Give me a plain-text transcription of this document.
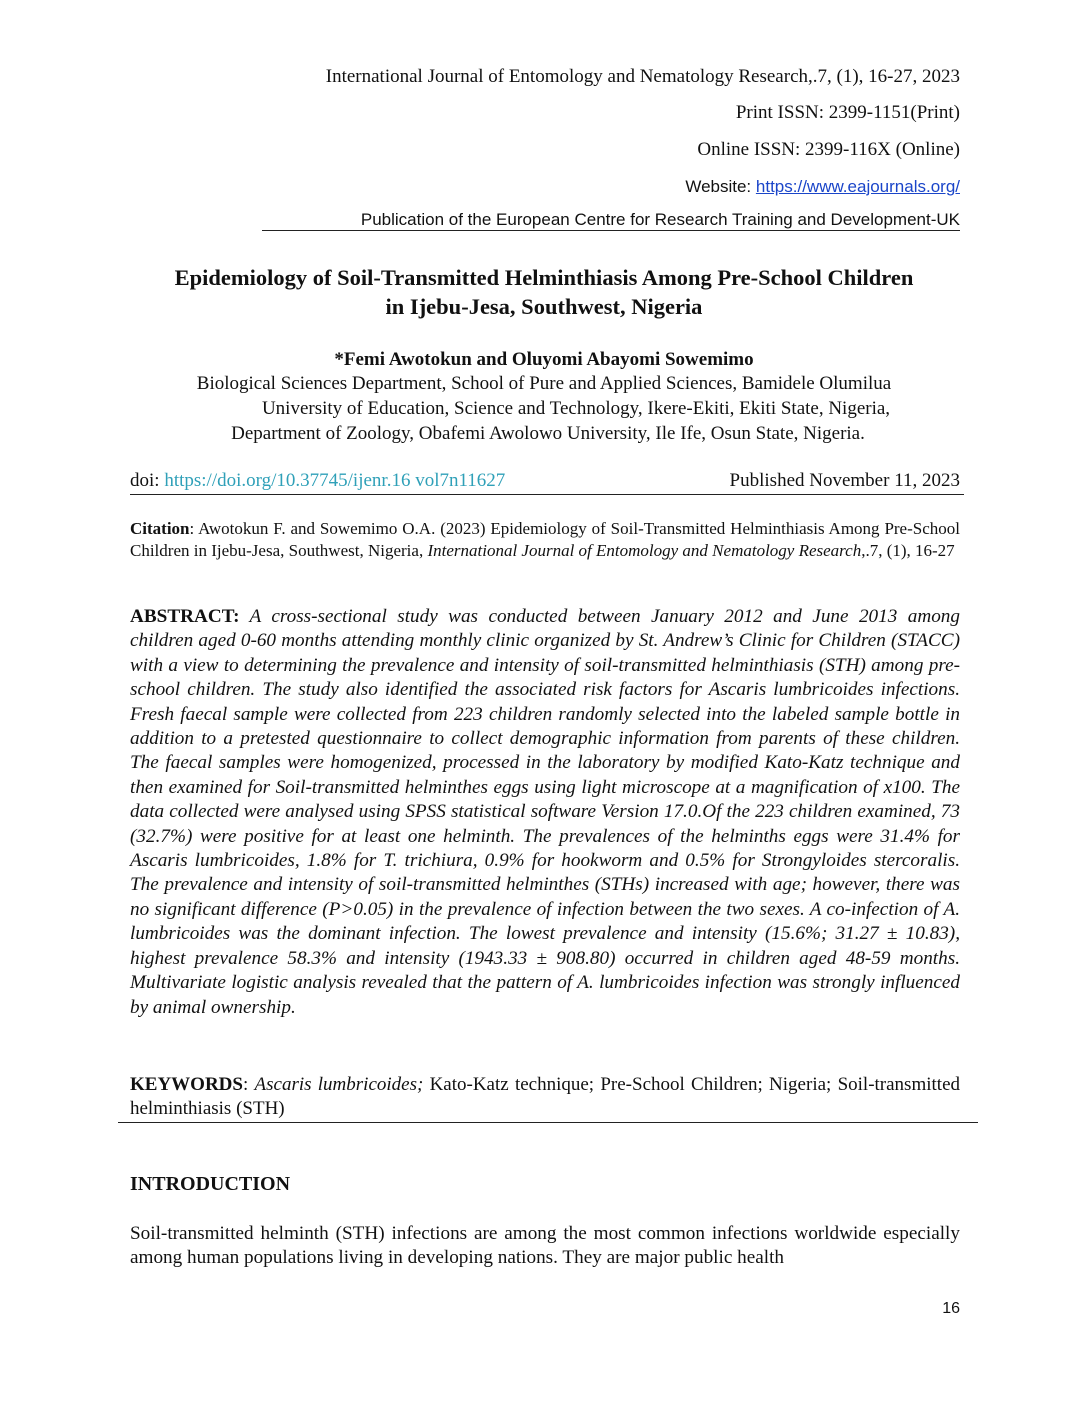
International Journal of Entomology and Nematology Research,.7, (1), 16-27, 2023
Print ISSN: 2399-1151(Print)
Online ISSN: 2399-116X (Online)
Website: https://www.eajournals.org/
Publication of the European Centre for Research Training and Development-UK
Epidemiology of Soil-Transmitted Helminthiasis Among Pre-School Children
in Ijebu-Jesa, Southwest, Nigeria
*Femi Awotokun and Oluyomi Abayomi Sowemimo
Biological Sciences Department, School of Pure and Applied Sciences, Bamidele Olumilua
University of Education, Science and Technology, Ikere-Ekiti, Ekiti State, Nigeria,
Department of Zoology, Obafemi Awolowo University, Ile Ife, Osun State, Nigeria.
doi: https://doi.org/10.37745/ijenr.16 vol7n11627	Published November 11, 2023
Citation: Awotokun F. and Sowemimo O.A. (2023) Epidemiology of Soil-Transmitted Helminthiasis Among Pre-School Children in Ijebu-Jesa, Southwest, Nigeria, International Journal of Entomology and Nematology Research,.7, (1), 16-27
ABSTRACT: A cross-sectional study was conducted between January 2012 and June 2013 among children aged 0-60 months attending monthly clinic organized by St. Andrew’s Clinic for Children (STACC) with a view to determining the prevalence and intensity of soil-transmitted helminthiasis (STH) among pre-school children. The study also identified the associated risk factors for Ascaris lumbricoides infections. Fresh faecal sample were collected from 223 children randomly selected into the labeled sample bottle in addition to a pretested questionnaire to collect demographic information from parents of these children. The faecal samples were homogenized, processed in the laboratory by modified Kato-Katz technique and then examined for Soil-transmitted helminthes eggs using light microscope at a magnification of x100. The data collected were analysed using SPSS statistical software Version 17.0.Of the 223 children examined, 73 (32.7%) were positive for at least one helminth. The prevalences of the helminths eggs were 31.4% for Ascaris lumbricoides, 1.8% for T. trichiura, 0.9% for hookworm and 0.5% for Strongyloides stercoralis. The prevalence and intensity of soil-transmitted helminthes (STHs) increased with age; however, there was no significant difference (P>0.05) in the prevalence of infection between the two sexes. A co-infection of A. lumbricoides was the dominant infection. The lowest prevalence and intensity (15.6%; 31.27 ± 10.83), highest prevalence 58.3% and intensity (1943.33 ± 908.80) occurred in children aged 48-59 months. Multivariate logistic analysis revealed that the pattern of A. lumbricoides infection was strongly influenced by animal ownership.
KEYWORDS: Ascaris lumbricoides; Kato-Katz technique; Pre-School Children; Nigeria; Soil-transmitted helminthiasis (STH)
INTRODUCTION
Soil-transmitted helminth (STH) infections are among the most common infections worldwide especially among human populations living in developing nations. They are major public health
16
